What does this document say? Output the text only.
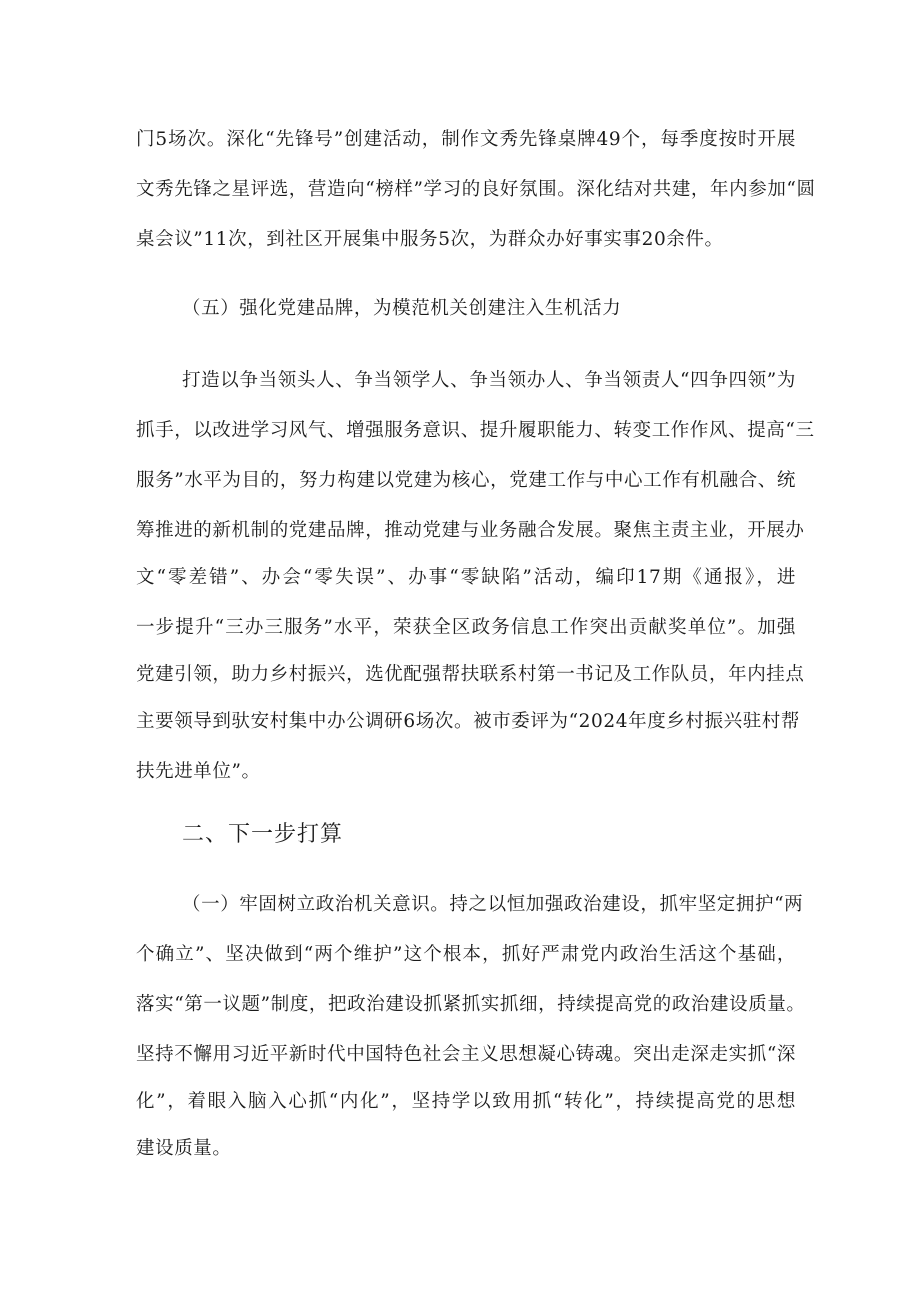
门5场次。深化“先锋号”创建活动，制作文秀先锋桌牌49个，每季度按时开展
文秀先锋之星评选，营造向“榜样”学习的良好氛围。深化结对共建，年内参加“圆
桌会议”11次，到社区开展集中服务5次，为群众办好事实事20余件。
（五）强化党建品牌，为模范机关创建注入生机活力
打造以争当领头人、争当领学人、争当领办人、争当领责人“四争四领”为
抓手，以改进学习风气、增强服务意识、提升履职能力、转变工作作风、提高“三
服务”水平为目的，努力构建以党建为核心，党建工作与中心工作有机融合、统
筹推进的新机制的党建品牌，推动党建与业务融合发展。聚焦主责主业，开展办
文“零差错”、办会“零失误”、办事“零缺陷”活动，编印17期《通报》，进
一步提升“三办三服务”水平，荣获全区政务信息工作突出贡献奖单位”。加强
党建引领，助力乡村振兴，选优配强帮扶联系村第一书记及工作队员，年内挂点
主要领导到驮安村集中办公调研6场次。被市委评为“2024年度乡村振兴驻村帮
扶先进单位”。
二、下一步打算
（一）牢固树立政治机关意识。持之以恒加强政治建设，抓牢坚定拥护“两
个确立”、坚决做到“两个维护”这个根本，抓好严肃党内政治生活这个基础，
落实“第一议题”制度，把政治建设抓紧抓实抓细，持续提高党的政治建设质量。
坚持不懈用习近平新时代中国特色社会主义思想凝心铸魂。突出走深走实抓“深
化”，着眼入脑入心抓“内化”，坚持学以致用抓“转化”，持续提高党的思想
建设质量。
